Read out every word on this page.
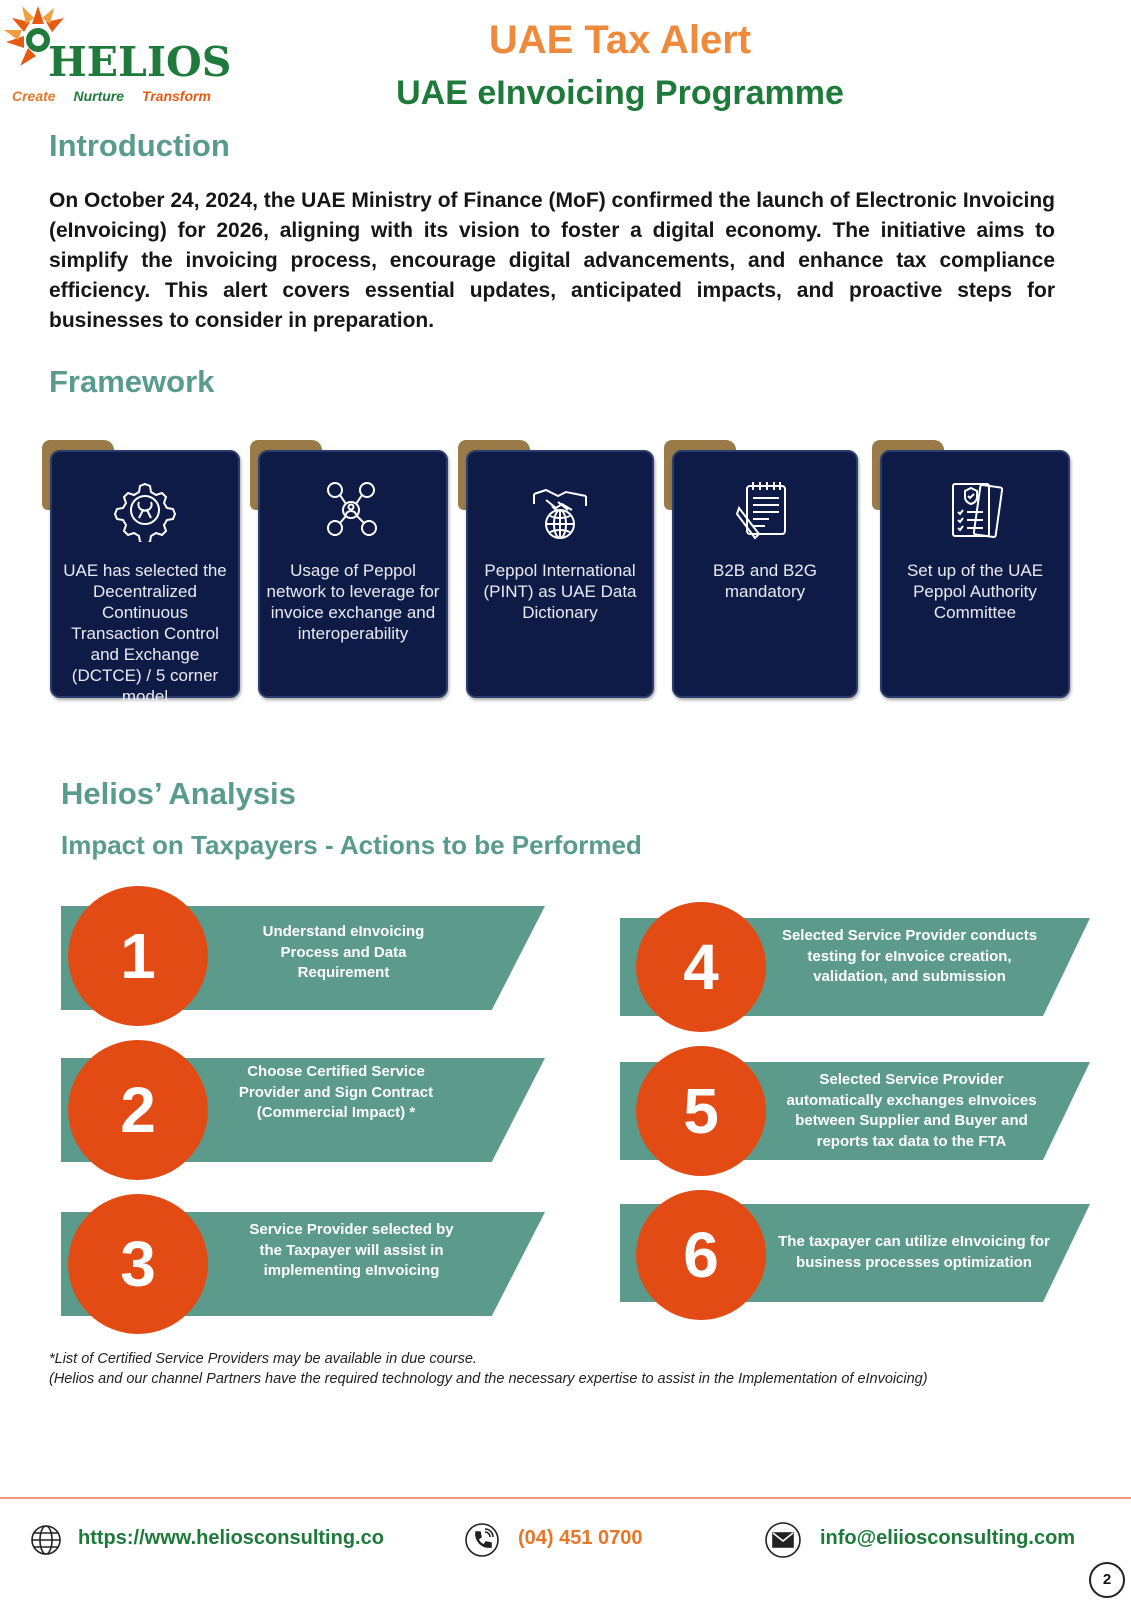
HELIOS
Create Nurture Transform
UAE Tax Alert
UAE eInvoicing Programme
Introduction

On October 24, 2024, the UAE Ministry of Finance (MoF) confirmed the launch of Electronic Invoicing (eInvoicing) for 2026, aligning with its vision to foster a digital economy. The initiative aims to simplify the invoicing process, encourage digital advancements, and enhance tax compliance efficiency. This alert covers essential updates, anticipated impacts, and proactive steps for businesses to consider in preparation.

Framework
UAE has selected the Decentralized Continuous Transaction Control and Exchange (DCTCE) / 5 corner model
Usage of Peppol network to leverage for invoice exchange and interoperability
Peppol International (PINT) as UAE Data Dictionary
B2B and B2G mandatory
Set up of the UAE Peppol Authority Committee
Helios’ Analysis
Impact on Taxpayers - Actions to be Performed
1	Understand eInvoicing Process and Data Requirement
2
Choose Certified Service Provider and Sign Contract (Commercial Impact) *
3	Service Provider selected by the Taxpayer will assist in implementing eInvoicing
4	Selected Service Provider conducts testing for eInvoice creation, validation, and submission
5	Selected Service Provider automatically exchanges eInvoices between Supplier and Buyer and reports tax data to the FTA
6	The taxpayer can utilize eInvoicing for business processes optimization
*List of Certified Service Providers may be available in due course.
(Helios and our channel Partners have the required technology and the necessary expertise to assist in the Implementation of eInvoicing)
https://www.heliosconsulting.co	(04) 451 0700	info@eliiosconsulting.com
2
